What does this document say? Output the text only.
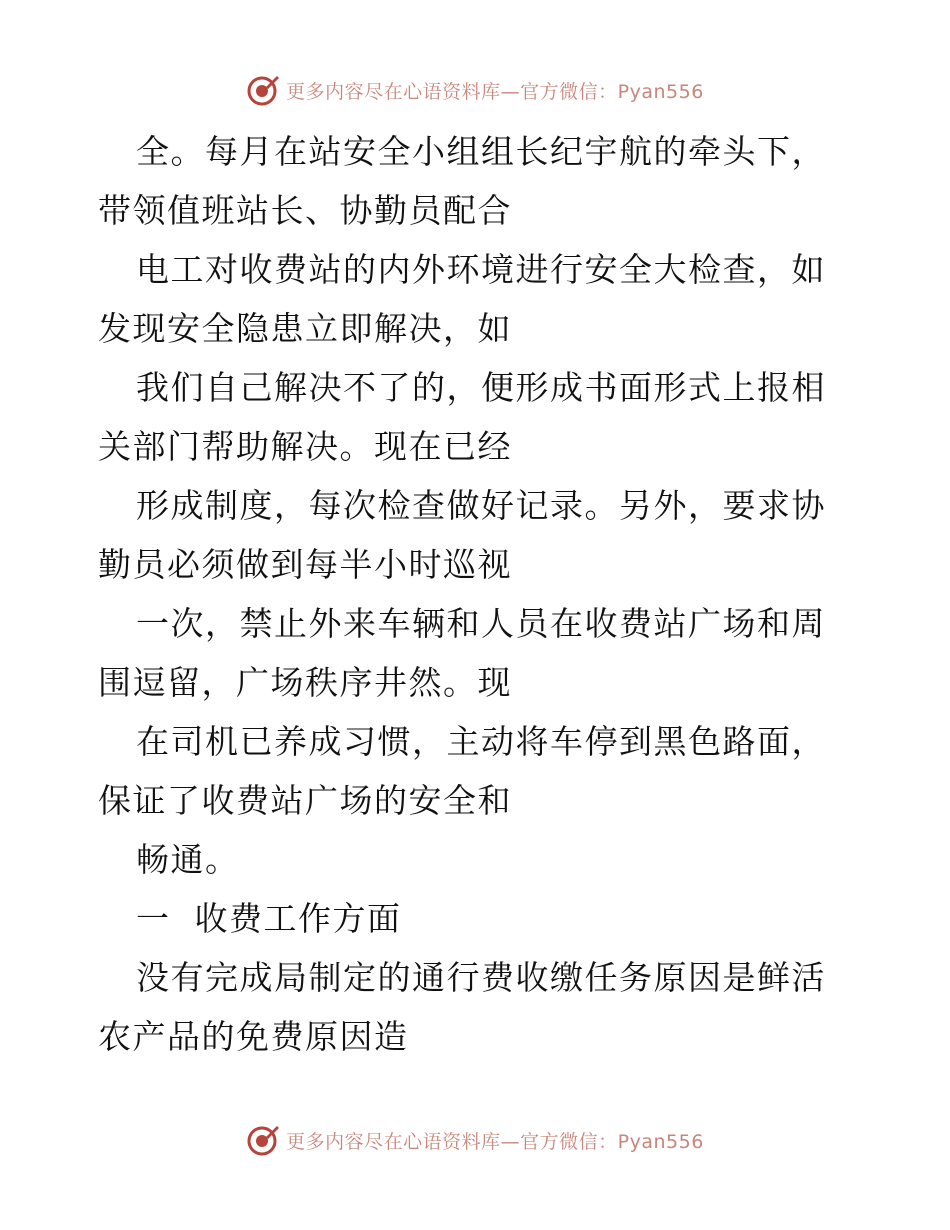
更多内容尽在心语资料库—官方微信：Pyan556

全。每月在站安全小组组长纪宇航的牵头下，带领值班站长、协勤员配合

电工对收费站的内外环境进行安全大检查，如发现安全隐患立即解决，如

我们自己解决不了的，便形成书面形式上报相关部门帮助解决。现在已经

形成制度，每次检查做好记录。另外，要求协勤员必须做到每半小时巡视

一次，禁止外来车辆和人员在收费站广场和周围逗留，广场秩序井然。现

在司机已养成习惯，主动将车停到黑色路面，保证了收费站广场的安全和

畅通。

一  收费工作方面

没有完成局制定的通行费收缴任务原因是鲜活农产品的免费原因造

更多内容尽在心语资料库—官方微信：Pyan556
